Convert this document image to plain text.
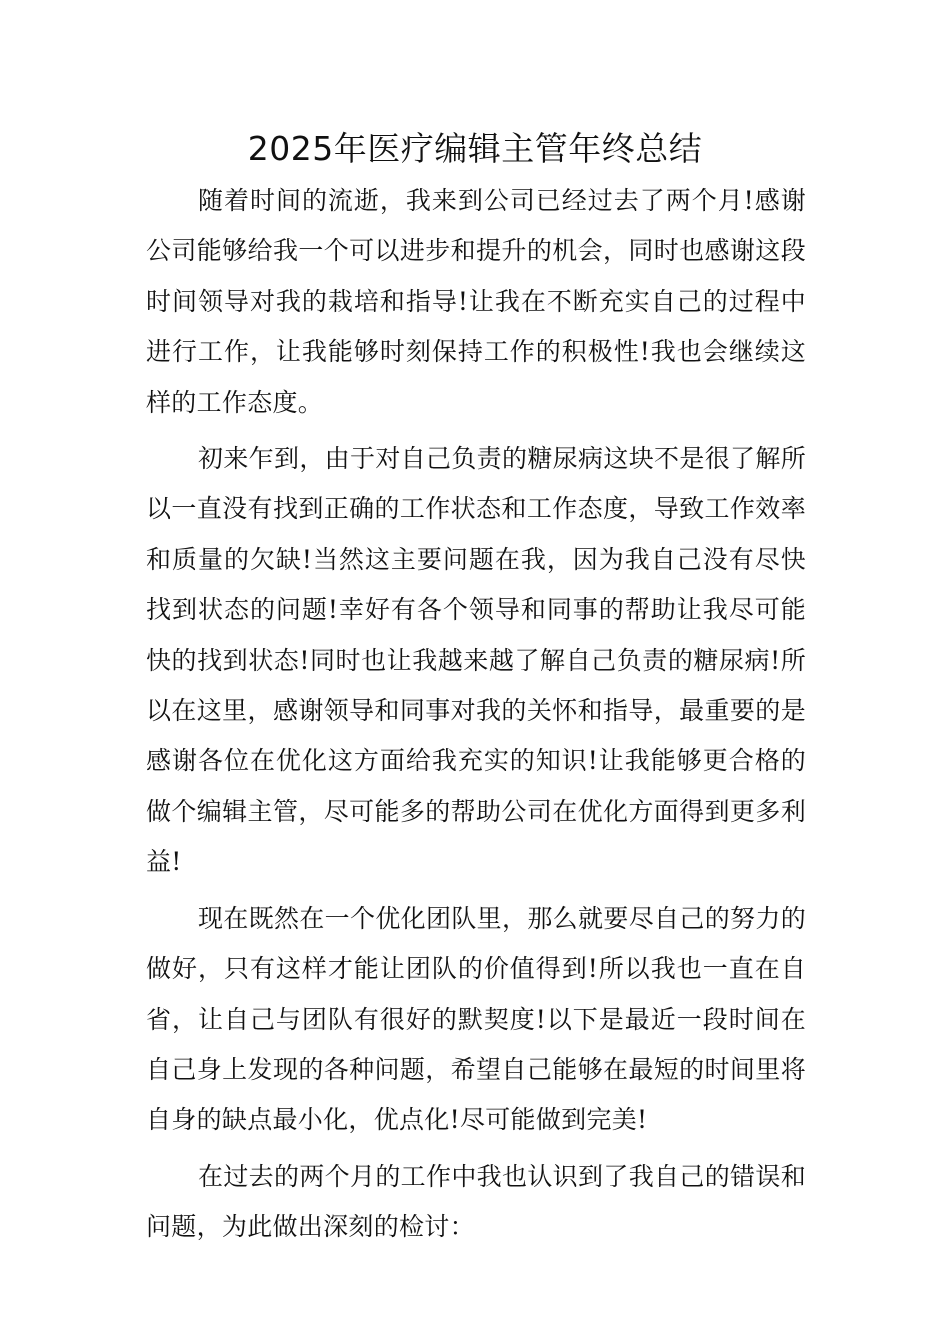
2025年医疗编辑主管年终总结

随着时间的流逝，我来到公司已经过去了两个月!感谢公司能够给我一个可以进步和提升的机会，同时也感谢这段时间领导对我的栽培和指导!让我在不断充实自己的过程中进行工作，让我能够时刻保持工作的积极性!我也会继续这样的工作态度。

初来乍到，由于对自己负责的糖尿病这块不是很了解所以一直没有找到正确的工作状态和工作态度，导致工作效率和质量的欠缺!当然这主要问题在我，因为我自己没有尽快找到状态的问题!幸好有各个领导和同事的帮助让我尽可能快的找到状态!同时也让我越来越了解自己负责的糖尿病!所以在这里，感谢领导和同事对我的关怀和指导，最重要的是感谢各位在优化这方面给我充实的知识!让我能够更合格的做个编辑主管，尽可能多的帮助公司在优化方面得到更多利益!

现在既然在一个优化团队里，那么就要尽自己的努力的做好，只有这样才能让团队的价值得到!所以我也一直在自省，让自己与团队有很好的默契度!以下是最近一段时间在自己身上发现的各种问题，希望自己能够在最短的时间里将自身的缺点最小化，优点化!尽可能做到完美!

在过去的两个月的工作中我也认识到了我自己的错误和问题，为此做出深刻的检讨：
